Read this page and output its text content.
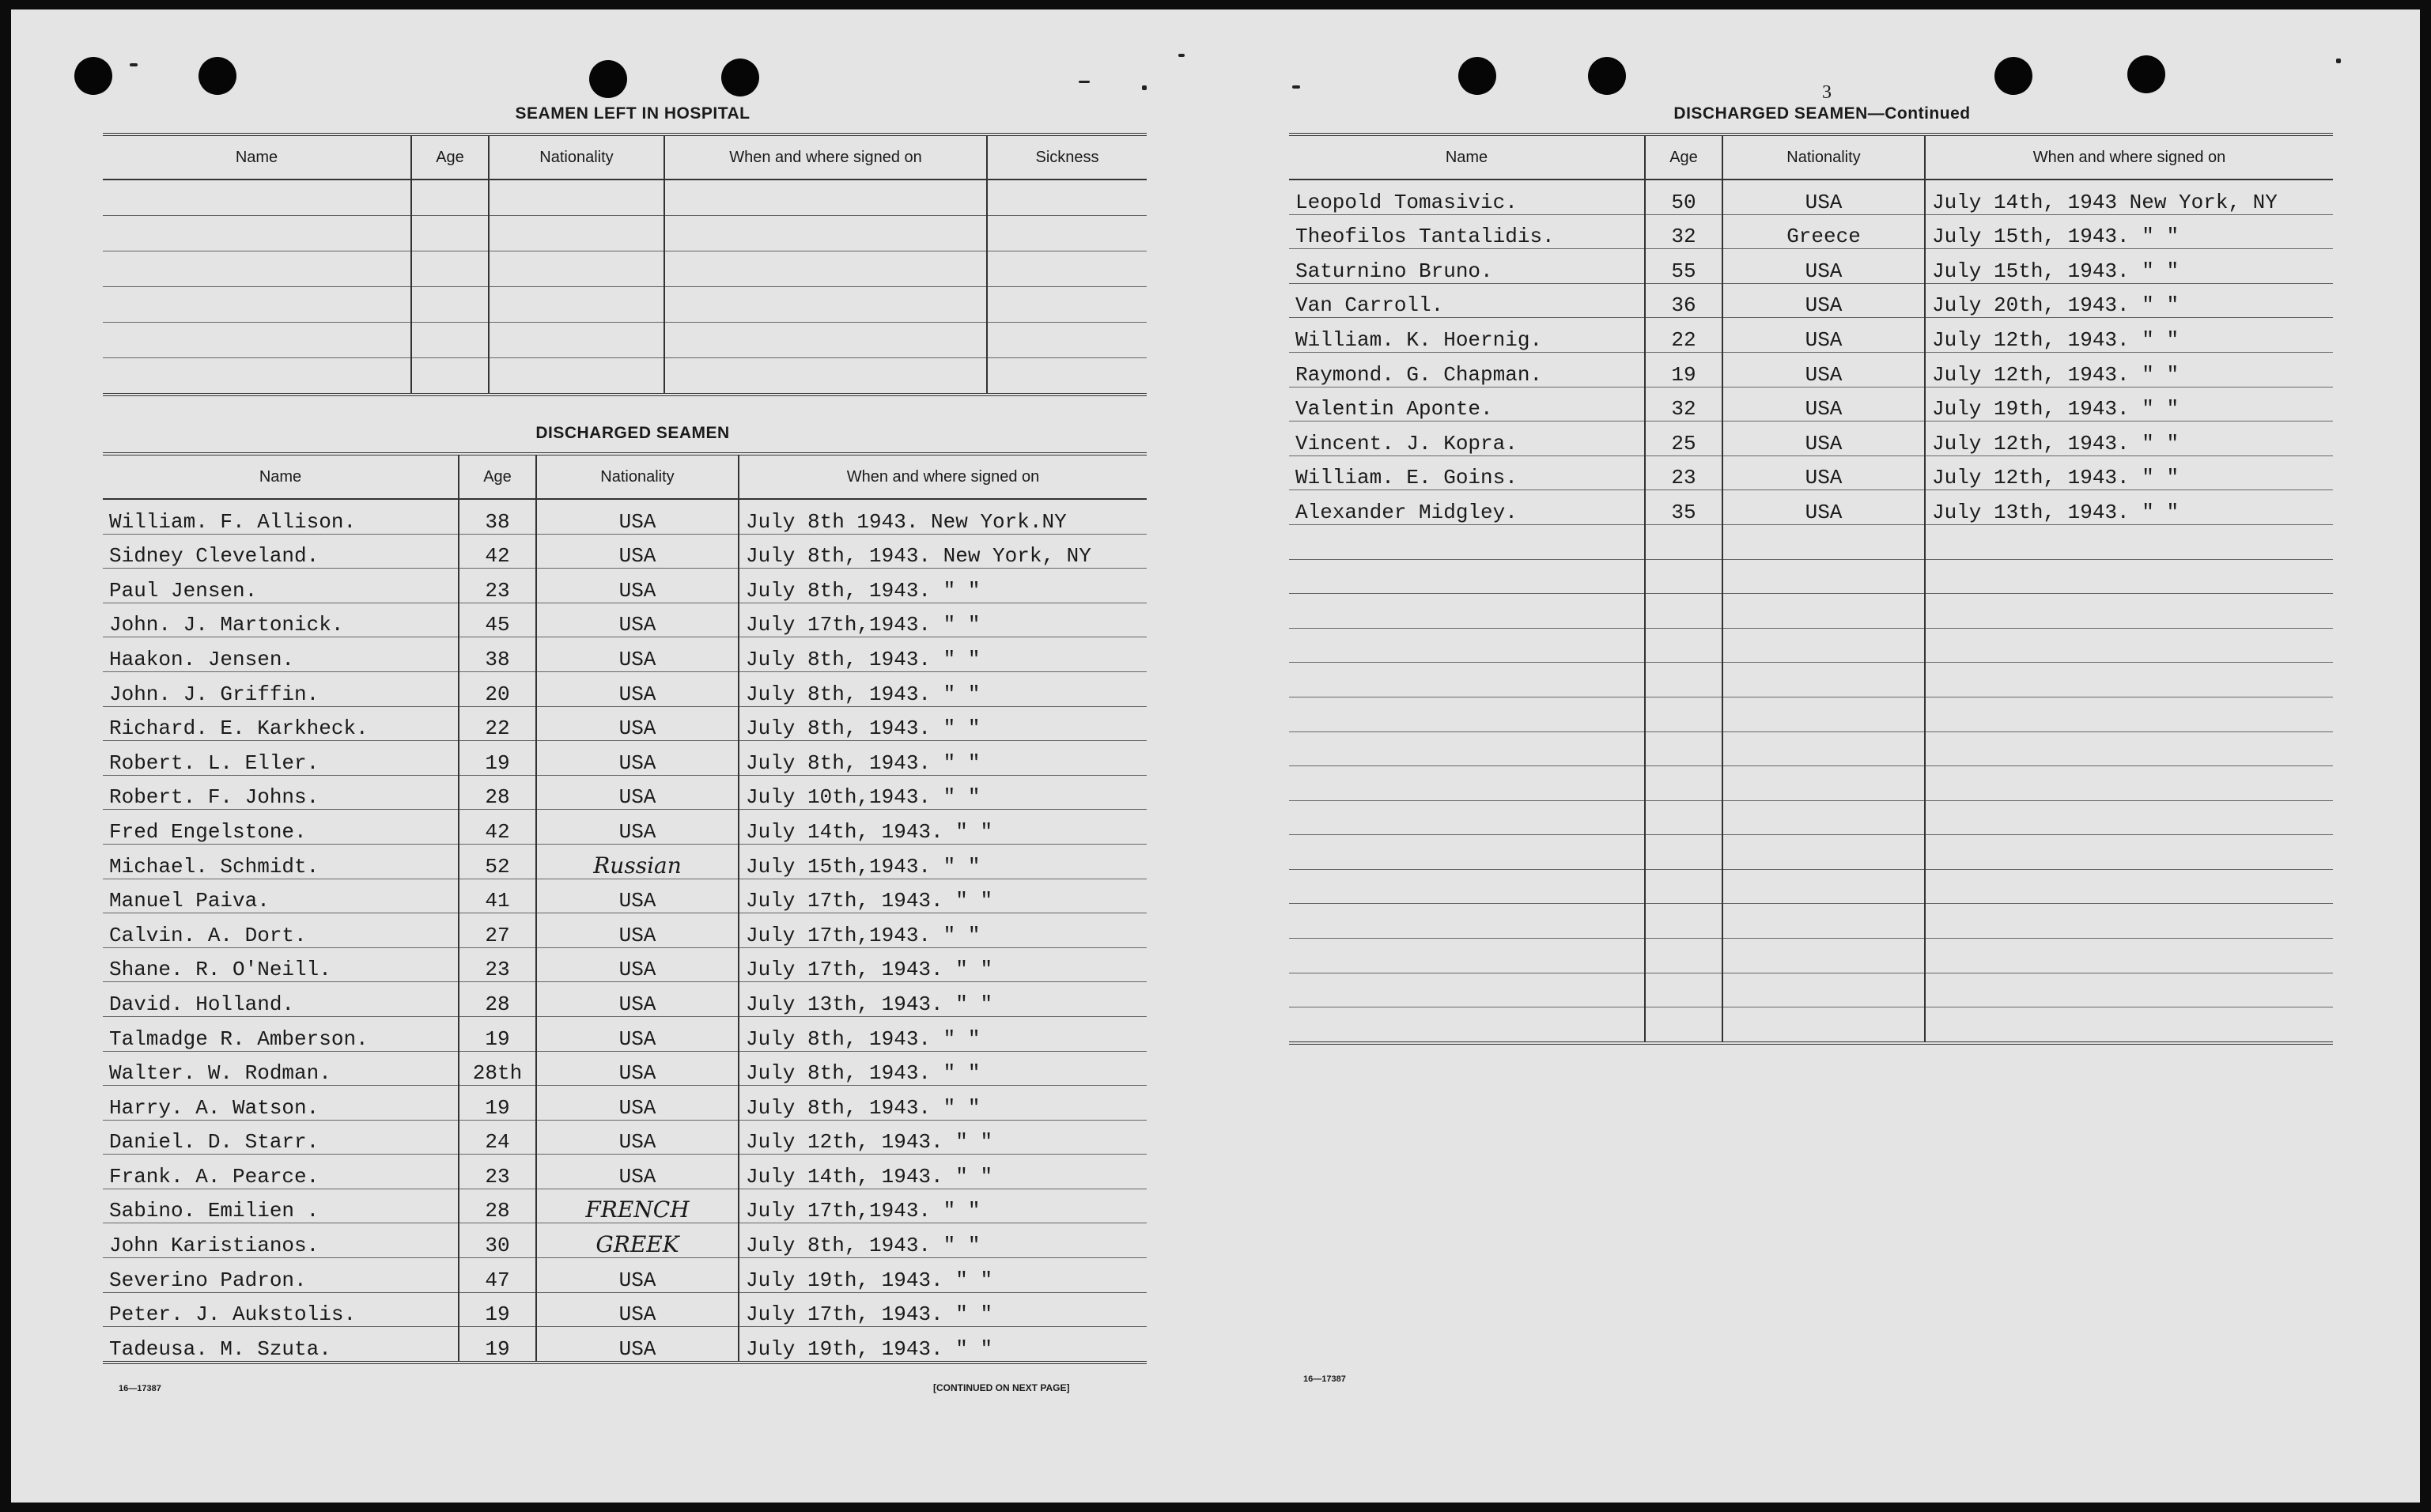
3
SEAMEN LEFT IN HOSPITAL
Name	Age	Nationality	When and where signed on	Sickness

DISCHARGED SEAMEN
Name	Age	Nationality	When and where signed on
William. F. Allison.	38	USA	July 8th 1943. New York.NY
Sidney Cleveland.	42	USA	July 8th, 1943. New York, NY
Paul Jensen.	23	USA	July 8th, 1943. " "
John. J. Martonick.	45	USA	July 17th,1943. " "
Haakon. Jensen.	38	USA	July 8th, 1943. " "
John. J. Griffin.	20	USA	July 8th, 1943. " "
Richard. E. Karkheck.	22	USA	July 8th, 1943. " "
Robert. L. Eller.	19	USA	July 8th, 1943. " "
Robert. F. Johns.	28	USA	July 10th,1943. " "
Fred Engelstone.	42	USA	July 14th, 1943. " "
Michael. Schmidt.	52	Russian	July 15th,1943. " "
Manuel Paiva.	41	USA	July 17th, 1943. " "
Calvin. A. Dort.	27	USA	July 17th,1943. " "
Shane. R. O'Neill.	23	USA	July 17th, 1943. " "
David. Holland.	28	USA	July 13th, 1943. " "
Talmadge R. Amberson.	19	USA	July 8th, 1943. " "
Walter. W. Rodman.	28th	USA	July 8th, 1943. " "
Harry. A. Watson.	19	USA	July 8th, 1943. " "
Daniel. D. Starr.	24	USA	July 12th, 1943. " "
Frank. A. Pearce.	23	USA	July 14th, 1943. " "
Sabino. Emilien .	28	FRENCH	July 17th,1943. " "
John Karistianos.	30	GREEK	July 8th, 1943. " "
Severino Padron.	47	USA	July 19th, 1943. " "
Peter. J. Aukstolis.	19	USA	July 17th, 1943. " "
Tadeusa. M. Szuta.	19	USA	July 19th, 1943. " "
16—17387	[CONTINUED ON NEXT PAGE]
DISCHARGED SEAMEN—Continued
Name	Age	Nationality	When and where signed on
Leopold Tomasivic.	50	USA	July 14th, 1943 New York, NY
Theofilos Tantalidis.	32	Greece	July 15th, 1943. " "
Saturnino Bruno.	55	USA	July 15th, 1943. " "
Van Carroll.	36	USA	July 20th, 1943. " "
William. K. Hoernig.	22	USA	July 12th, 1943. " "
Raymond. G. Chapman.	19	USA	July 12th, 1943. " "
Valentin Aponte.	32	USA	July 19th, 1943. " "
Vincent. J. Kopra.	25	USA	July 12th, 1943. " "
William. E. Goins.	23	USA	July 12th, 1943. " "
Alexander Midgley.	35	USA	July 13th, 1943. " "

16—17387
